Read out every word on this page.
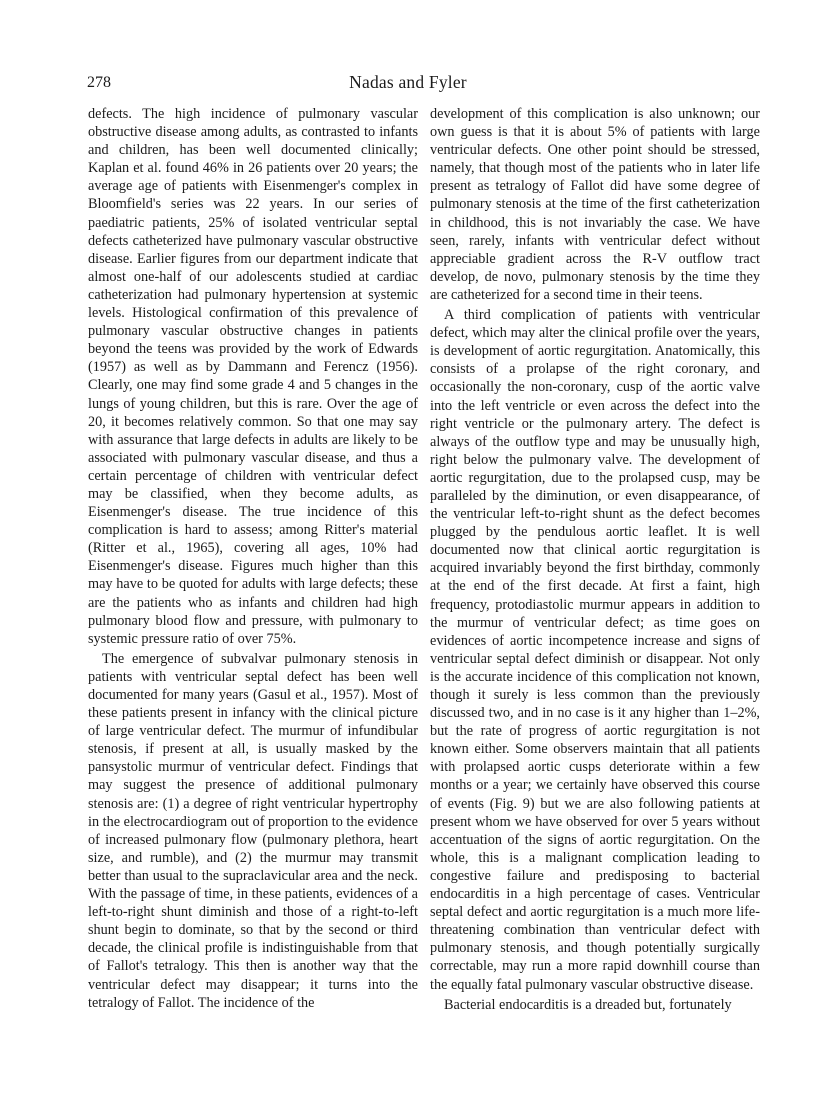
278	Nadas and Fyler

defects. The high incidence of pulmonary vascular obstructive disease among adults, as contrasted to infants and children, has been well documented clinically; Kaplan et al. found 46% in 26 patients over 20 years; the average age of patients with Eisenmenger's complex in Bloomfield's series was 22 years. In our series of paediatric patients, 25% of isolated ventricular septal defects catheterized have pulmonary vascular obstructive disease. Earlier figures from our department indicate that almost one-half of our adolescents studied at cardiac catheterization had pulmonary hypertension at systemic levels. Histological confirmation of this prevalence of pulmonary vascular obstructive changes in patients beyond the teens was provided by the work of Edwards (1957) as well as by Dammann and Ferencz (1956). Clearly, one may find some grade 4 and 5 changes in the lungs of young children, but this is rare. Over the age of 20, it becomes relatively common. So that one may say with assurance that large defects in adults are likely to be associated with pulmonary vascular disease, and thus a certain percentage of children with ventricular defect may be classified, when they become adults, as Eisenmenger's disease. The true incidence of this complication is hard to assess; among Ritter's material (Ritter et al., 1965), covering all ages, 10% had Eisenmenger's disease. Figures much higher than this may have to be quoted for adults with large defects; these are the patients who as infants and children had high pulmonary blood flow and pressure, with pulmonary to systemic pressure ratio of over 75%.

The emergence of subvalvar pulmonary stenosis in patients with ventricular septal defect has been well documented for many years (Gasul et al., 1957). Most of these patients present in infancy with the clinical picture of large ventricular defect. The murmur of infundibular stenosis, if present at all, is usually masked by the pansystolic murmur of ventricular defect. Findings that may suggest the presence of additional pulmonary stenosis are: (1) a degree of right ventricular hypertrophy in the electrocardiogram out of proportion to the evidence of increased pulmonary flow (pulmonary plethora, heart size, and rumble), and (2) the murmur may transmit better than usual to the supraclavicular area and the neck. With the passage of time, in these patients, evidences of a left-to-right shunt diminish and those of a right-to-left shunt begin to dominate, so that by the second or third decade, the clinical profile is indistinguishable from that of Fallot's tetralogy. This then is another way that the ventricular defect may disappear; it turns into the tetralogy of Fallot. The incidence of the

development of this complication is also unknown; our own guess is that it is about 5% of patients with large ventricular defects. One other point should be stressed, namely, that though most of the patients who in later life present as tetralogy of Fallot did have some degree of pulmonary stenosis at the time of the first catheterization in childhood, this is not invariably the case. We have seen, rarely, infants with ventricular defect without appreciable gradient across the R-V outflow tract develop, de novo, pulmonary stenosis by the time they are catheterized for a second time in their teens.

A third complication of patients with ventricular defect, which may alter the clinical profile over the years, is development of aortic regurgitation. Anatomically, this consists of a prolapse of the right coronary, and occasionally the non-coronary, cusp of the aortic valve into the left ventricle or even across the defect into the right ventricle or the pulmonary artery. The defect is always of the outflow type and may be unusually high, right below the pulmonary valve. The development of aortic regurgitation, due to the prolapsed cusp, may be paralleled by the diminution, or even disappearance, of the ventricular left-to-right shunt as the defect becomes plugged by the pendulous aortic leaflet. It is well documented now that clinical aortic regurgitation is acquired invariably beyond the first birthday, commonly at the end of the first decade. At first a faint, high frequency, protodiastolic murmur appears in addition to the murmur of ventricular defect; as time goes on evidences of aortic incompetence increase and signs of ventricular septal defect diminish or disappear. Not only is the accurate incidence of this complication not known, though it surely is less common than the previously discussed two, and in no case is it any higher than 1–2%, but the rate of progress of aortic regurgitation is not known either. Some observers maintain that all patients with prolapsed aortic cusps deteriorate within a few months or a year; we certainly have observed this course of events (Fig. 9) but we are also following patients at present whom we have observed for over 5 years without accentuation of the signs of aortic regurgitation. On the whole, this is a malignant complication leading to congestive failure and predisposing to bacterial endocarditis in a high percentage of cases. Ventricular septal defect and aortic regurgitation is a much more life-threatening combination than ventricular defect with pulmonary stenosis, and though potentially surgically correctable, may run a more rapid downhill course than the equally fatal pulmonary vascular obstructive disease.

Bacterial endocarditis is a dreaded but, fortunately
